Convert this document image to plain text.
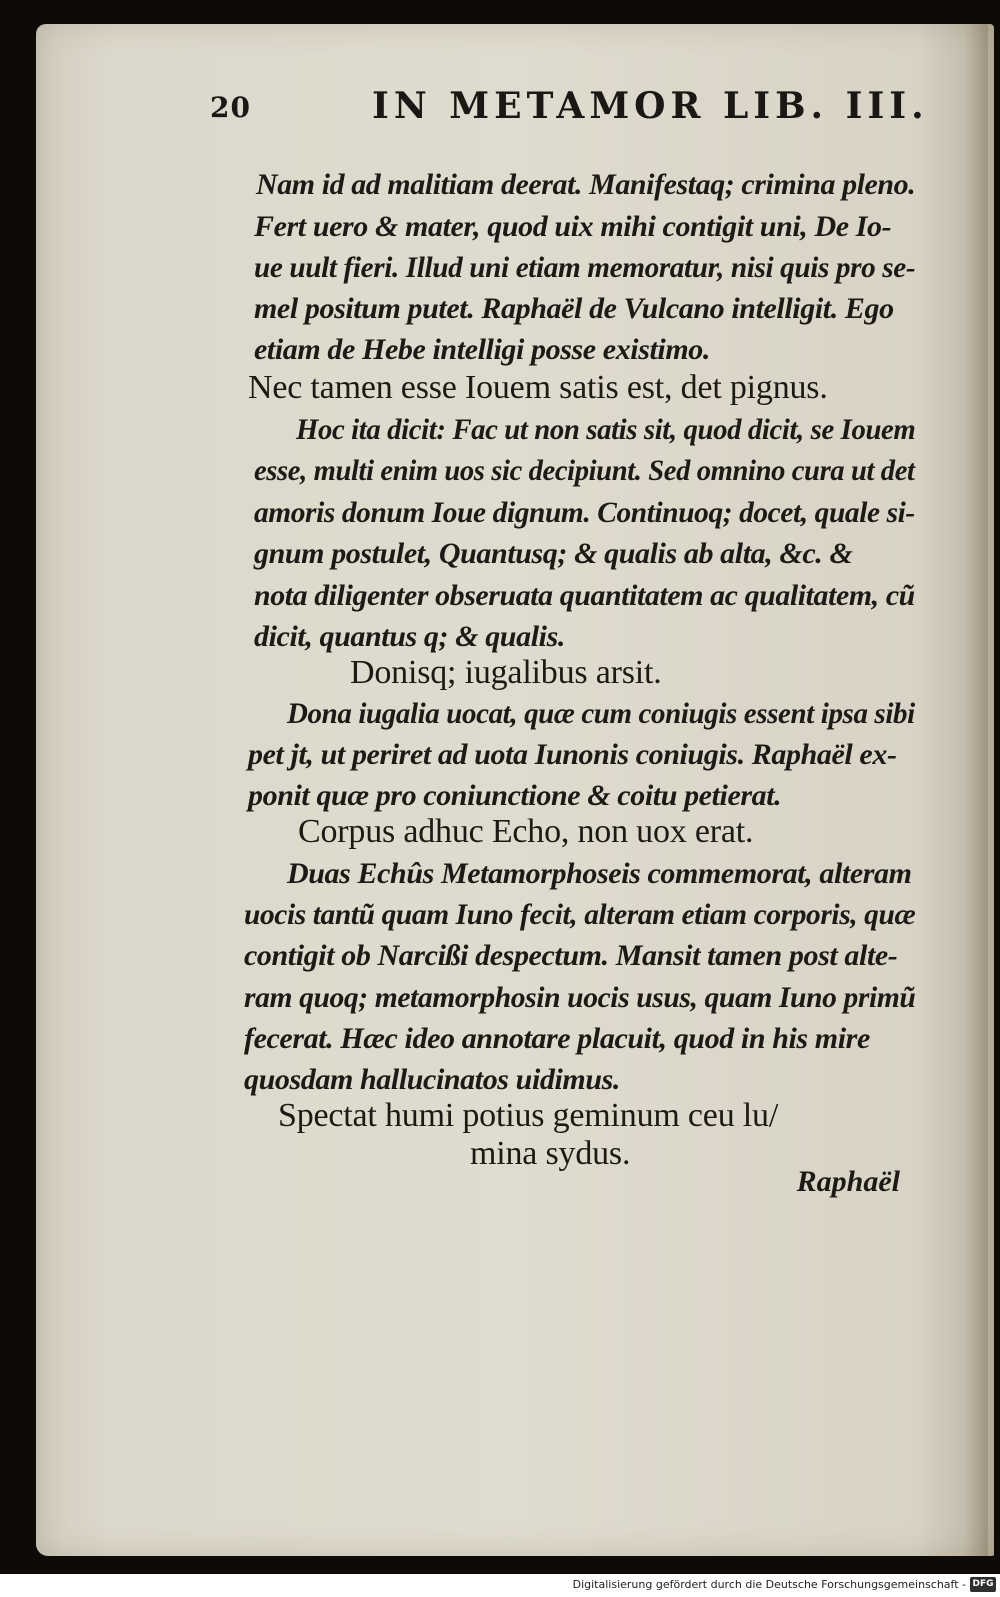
20	IN METAMOR LIB. III.
Nam id ad malitiam deerat. Manifestaq; crimina pleno.
Fert uero & mater, quod uix mihi contigit uni, De Io-
ue uult fieri. Illud uni etiam memoratur, nisi quis pro se-
mel positum putet. Raphaël de Vulcano intelligit. Ego
etiam de Hebe intelligi posse existimo.
Nec tamen esse Iouem satis est, det pignus.
Hoc ita dicit: Fac ut non satis sit, quod dicit, se Iouem
esse, multi enim uos sic decipiunt. Sed omnino cura ut det
amoris donum Ioue dignum. Continuoq; docet, quale si-
gnum postulet, Quantusq; & qualis ab alta, &c. &
nota diligenter obseruata quantitatem ac qualitatem, cũ
dicit, quantus q; & qualis.
Donisq; iugalibus arsit.
Dona iugalia uocat, quæ cum coniugis essent ipsa sibi
pet jt, ut periret ad uota Iunonis coniugis. Raphaël ex-
ponit quæ pro coniunctione & coitu petierat.
Corpus adhuc Echo, non uox erat.
Duas Echûs Metamorphoseis commemorat, alteram
uocis tantũ quam Iuno fecit, alteram etiam corporis, quæ
contigit ob Narcißi despectum. Mansit tamen post alte-
ram quoq; metamorphosin uocis usus, quam Iuno primũ
fecerat. Hæc ideo annotare placuit, quod in his mire
quosdam hallucinatos uidimus.
Spectat humi potius geminum ceu lu/
mina sydus.
Raphaël
Digitalisierung gefördert durch die Deutsche Forschungsgemeinschaft - DFG
